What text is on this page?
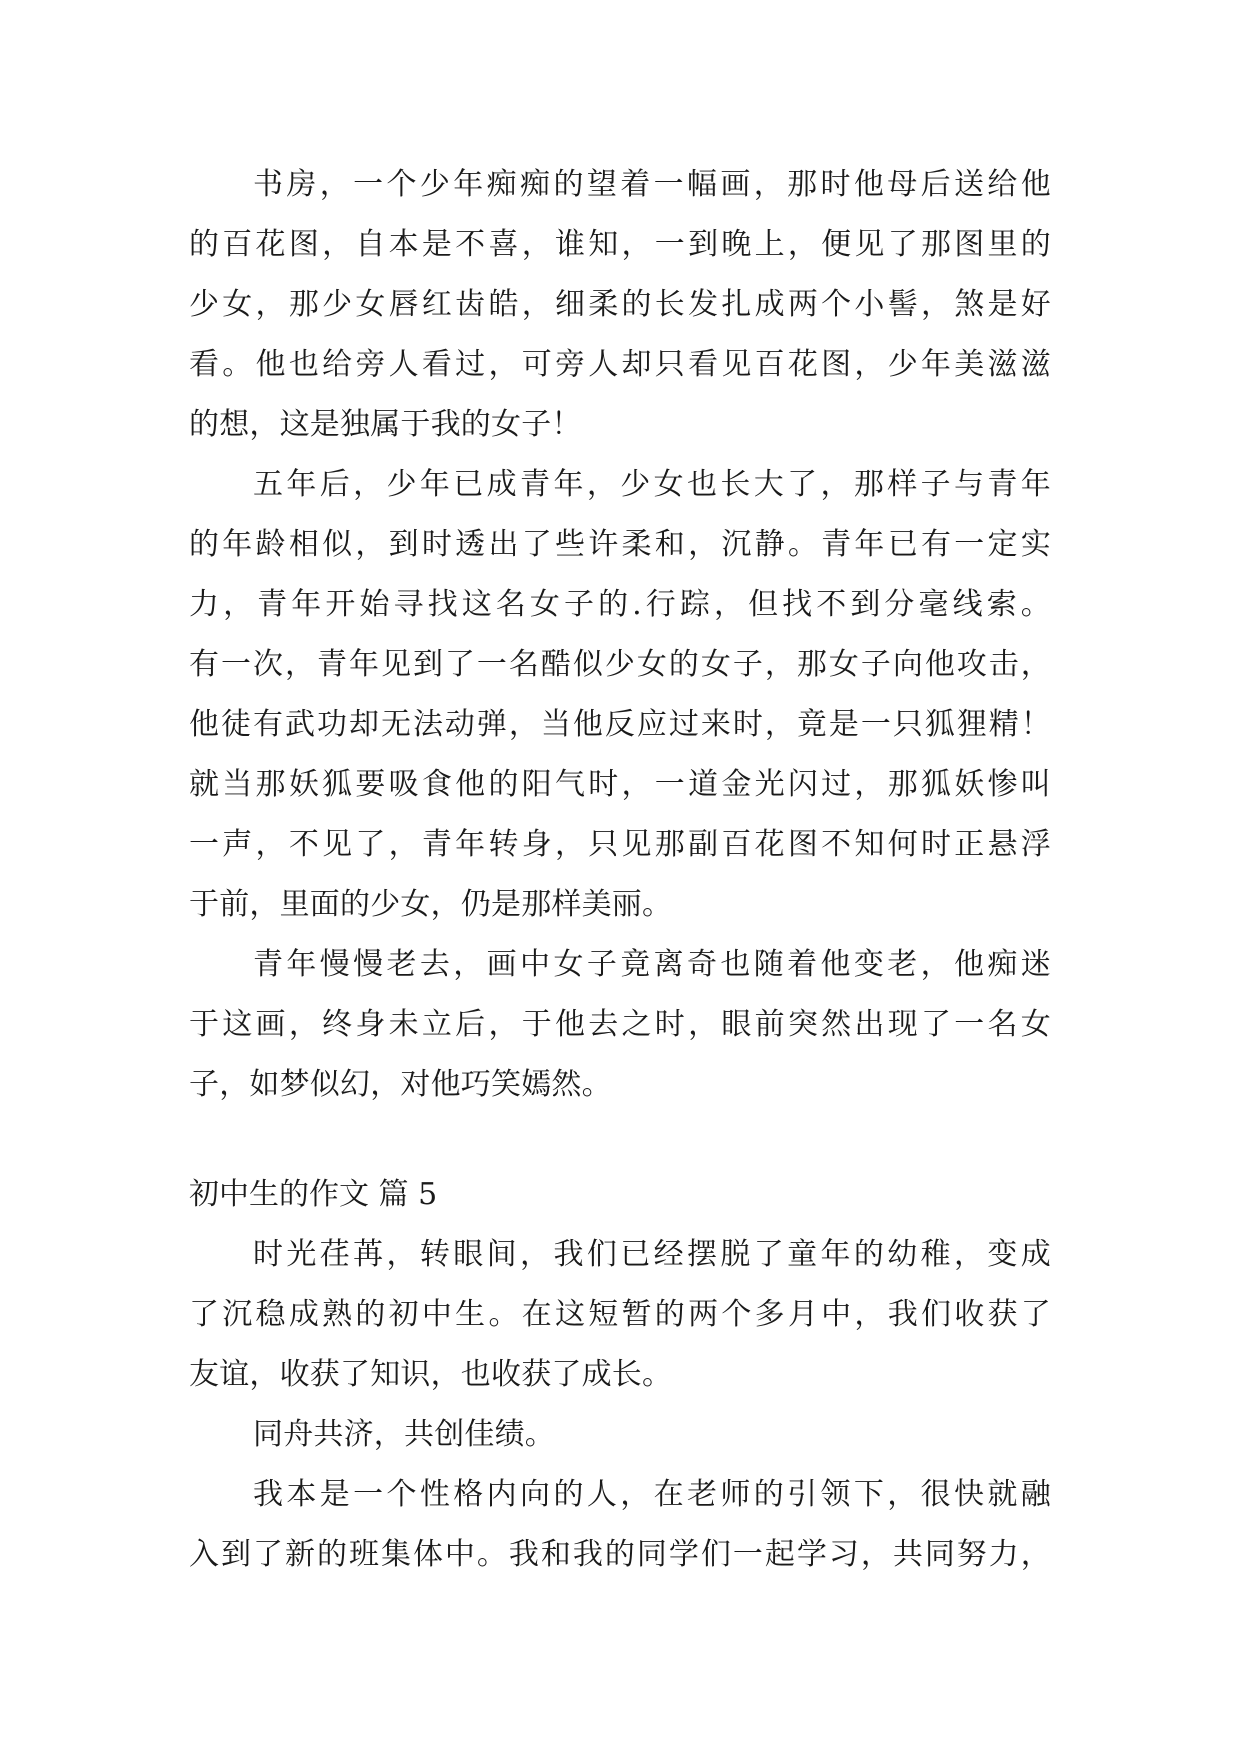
书房，一个少年痴痴的望着一幅画，那时他母后送给他
的百花图，自本是不喜，谁知，一到晚上，便见了那图里的
少女，那少女唇红齿皓，细柔的长发扎成两个小髻，煞是好
看。他也给旁人看过，可旁人却只看见百花图，少年美滋滋
的想，这是独属于我的女子！
五年后，少年已成青年，少女也长大了，那样子与青年
的年龄相似，到时透出了些许柔和，沉静。青年已有一定实
力，青年开始寻找这名女子的.行踪，但找不到分毫线索。
有一次，青年见到了一名酷似少女的女子，那女子向他攻击，
他徒有武功却无法动弹，当他反应过来时，竟是一只狐狸精！
就当那妖狐要吸食他的阳气时，一道金光闪过，那狐妖惨叫
一声，不见了，青年转身，只见那副百花图不知何时正悬浮
于前，里面的少女，仍是那样美丽。
青年慢慢老去，画中女子竟离奇也随着他变老，他痴迷
于这画，终身未立后，于他去之时，眼前突然出现了一名女
子，如梦似幻，对他巧笑嫣然。
初中生的作文 篇 5
时光荏苒，转眼间，我们已经摆脱了童年的幼稚，变成
了沉稳成熟的初中生。在这短暂的两个多月中，我们收获了
友谊，收获了知识，也收获了成长。
同舟共济，共创佳绩。
我本是一个性格内向的人，在老师的引领下，很快就融
入到了新的班集体中。我和我的同学们一起学习，共同努力，
